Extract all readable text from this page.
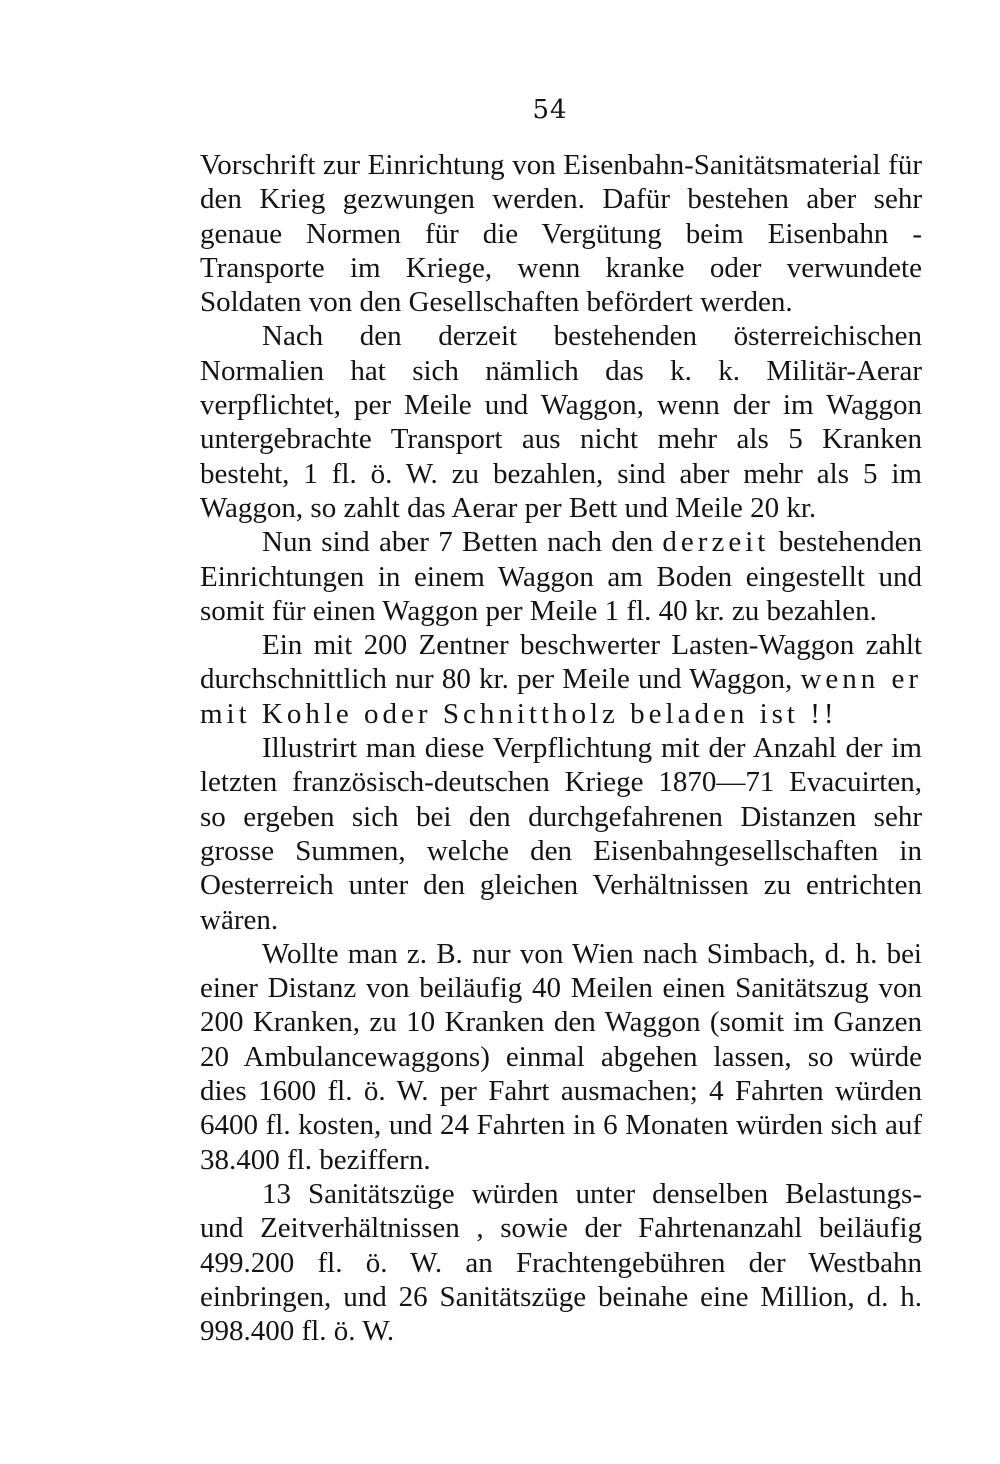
54

Vorschrift zur Einrichtung von Eisenbahn-Sanitätsmaterial für den Krieg gezwungen werden. Dafür bestehen aber sehr genaue Normen für die Vergütung beim Eisenbahn - Transporte im Kriege, wenn kranke oder verwundete Soldaten von den Gesellschaften befördert werden.

Nach den derzeit bestehenden österreichischen Normalien hat sich nämlich das k. k. Militär-Aerar verpflichtet, per Meile und Waggon, wenn der im Waggon untergebrachte Transport aus nicht mehr als 5 Kranken besteht, 1 fl. ö. W. zu bezahlen, sind aber mehr als 5 im Waggon, so zahlt das Aerar per Bett und Meile 20 kr.

Nun sind aber 7 Betten nach den derzeit bestehenden Einrichtungen in einem Waggon am Boden eingestellt und somit für einen Waggon per Meile 1 fl. 40 kr. zu bezahlen.

Ein mit 200 Zentner beschwerter Lasten-Waggon zahlt durchschnittlich nur 80 kr. per Meile und Waggon, wenn er mit Kohle oder Schnittholz beladen ist !!

Illustrirt man diese Verpflichtung mit der Anzahl der im letzten französisch-deutschen Kriege 1870—71 Evacuirten, so ergeben sich bei den durchgefahrenen Distanzen sehr grosse Summen, welche den Eisenbahngesellschaften in Oesterreich unter den gleichen Verhältnissen zu entrichten wären.

Wollte man z. B. nur von Wien nach Simbach, d. h. bei einer Distanz von beiläufig 40 Meilen einen Sanitätszug von 200 Kranken, zu 10 Kranken den Waggon (somit im Ganzen 20 Ambulancewaggons) einmal abgehen lassen, so würde dies 1600 fl. ö. W. per Fahrt ausmachen; 4 Fahrten würden 6400 fl. kosten, und 24 Fahrten in 6 Monaten würden sich auf 38.400 fl. beziffern.

13 Sanitätszüge würden unter denselben Belastungs- und Zeitverhältnissen , sowie der Fahrtenanzahl beiläufig 499.200 fl. ö. W. an Frachtengebühren der Westbahn einbringen, und 26 Sanitätszüge beinahe eine Million, d. h. 998.400 fl. ö. W.
